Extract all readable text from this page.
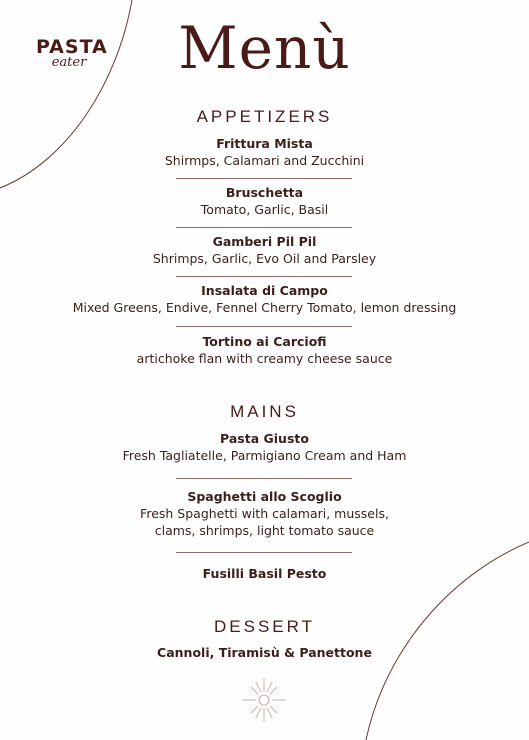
PASTA
eater	Menù
APPETIZERS
Frittura Mista
Shirmps, Calamari and Zucchini
Bruschetta
Tomato, Garlic, Basil
Gamberi Pil Pil
Shrimps, Garlic, Evo Oil and Parsley
Insalata di Campo
Mixed Greens, Endive, Fennel Cherry Tomato, lemon dressing
Tortino ai Carciofi
artichoke flan with creamy cheese sauce
MAINS
Pasta Giusto
Fresh Tagliatelle, Parmigiano Cream and Ham
Spaghetti allo Scoglio
Fresh Spaghetti with calamari, mussels,
clams, shrimps, light tomato sauce
Fusilli Basil Pesto
DESSERT
Cannoli, Tiramisù & Panettone
